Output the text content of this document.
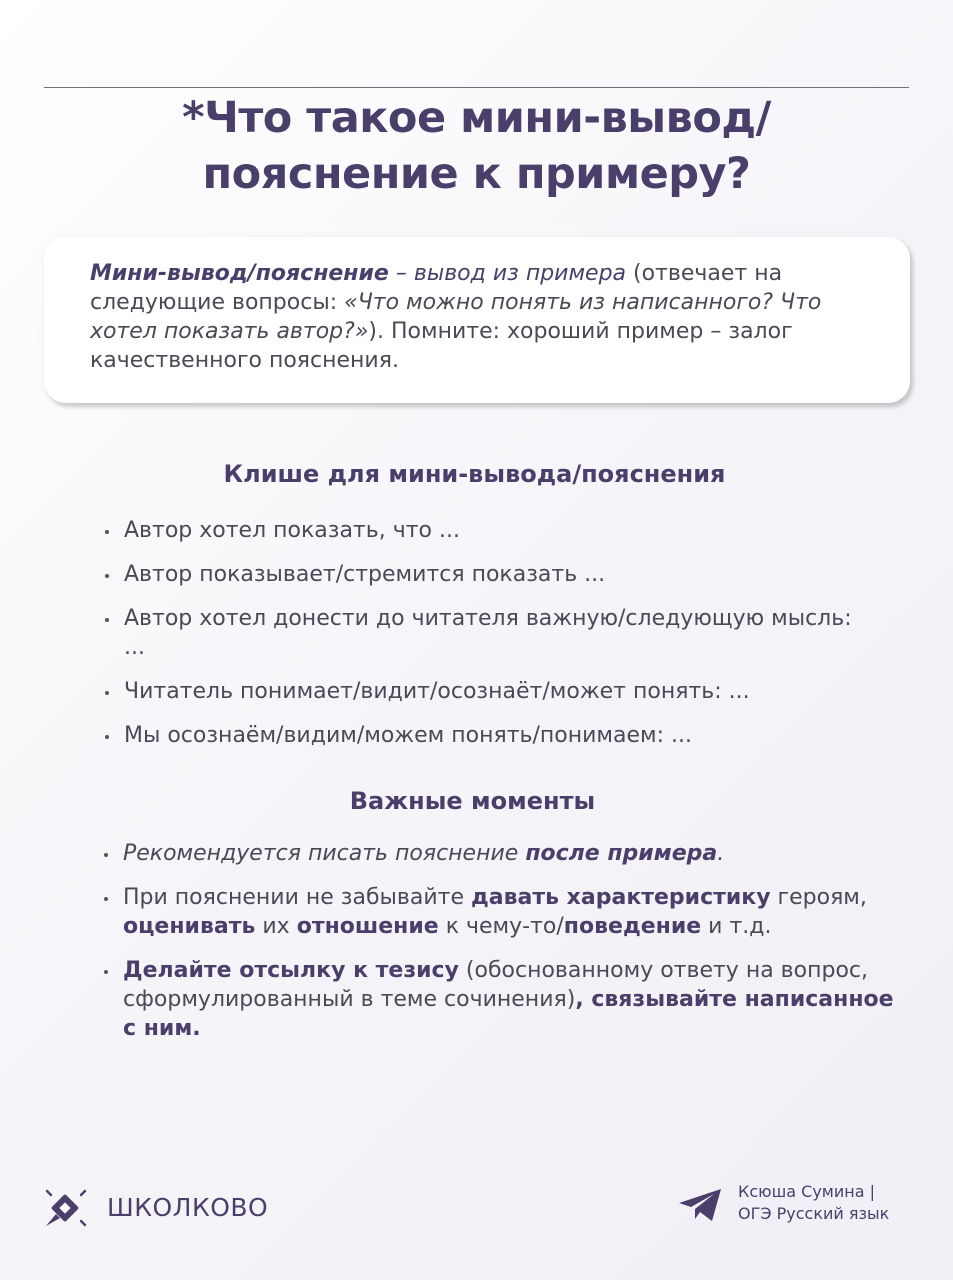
*Что такое мини-вывод/
пояснение к примеру?
Мини-вывод/пояснение – вывод из примера (отвечает на следующие вопросы: «Что можно понять из написанного? Что хотел показать автор?»). Помните: хороший пример – залог качественного пояснения.
Клише для мини-вывода/пояснения
Автор хотел показать, что ...
Автор показывает/стремится показать ...
Автор хотел донести до читателя важную/следующую мысль: ...
Читатель понимает/видит/осознаёт/может понять: ...
Мы осознаём/видим/можем понять/понимаем: ...
Важные моменты
Рекомендуется писать пояснение после примера.
При пояснении не забывайте давать характеристику героям, оценивать их отношение к чему-то/поведение и т.д.
Делайте отсылку к тезису (обоснованному ответу на вопрос, сформулированный в теме сочинения), связывайте написанное с ним.
ШКОЛКОВО
Ксюша Сумина |
ОГЭ Русский язык
